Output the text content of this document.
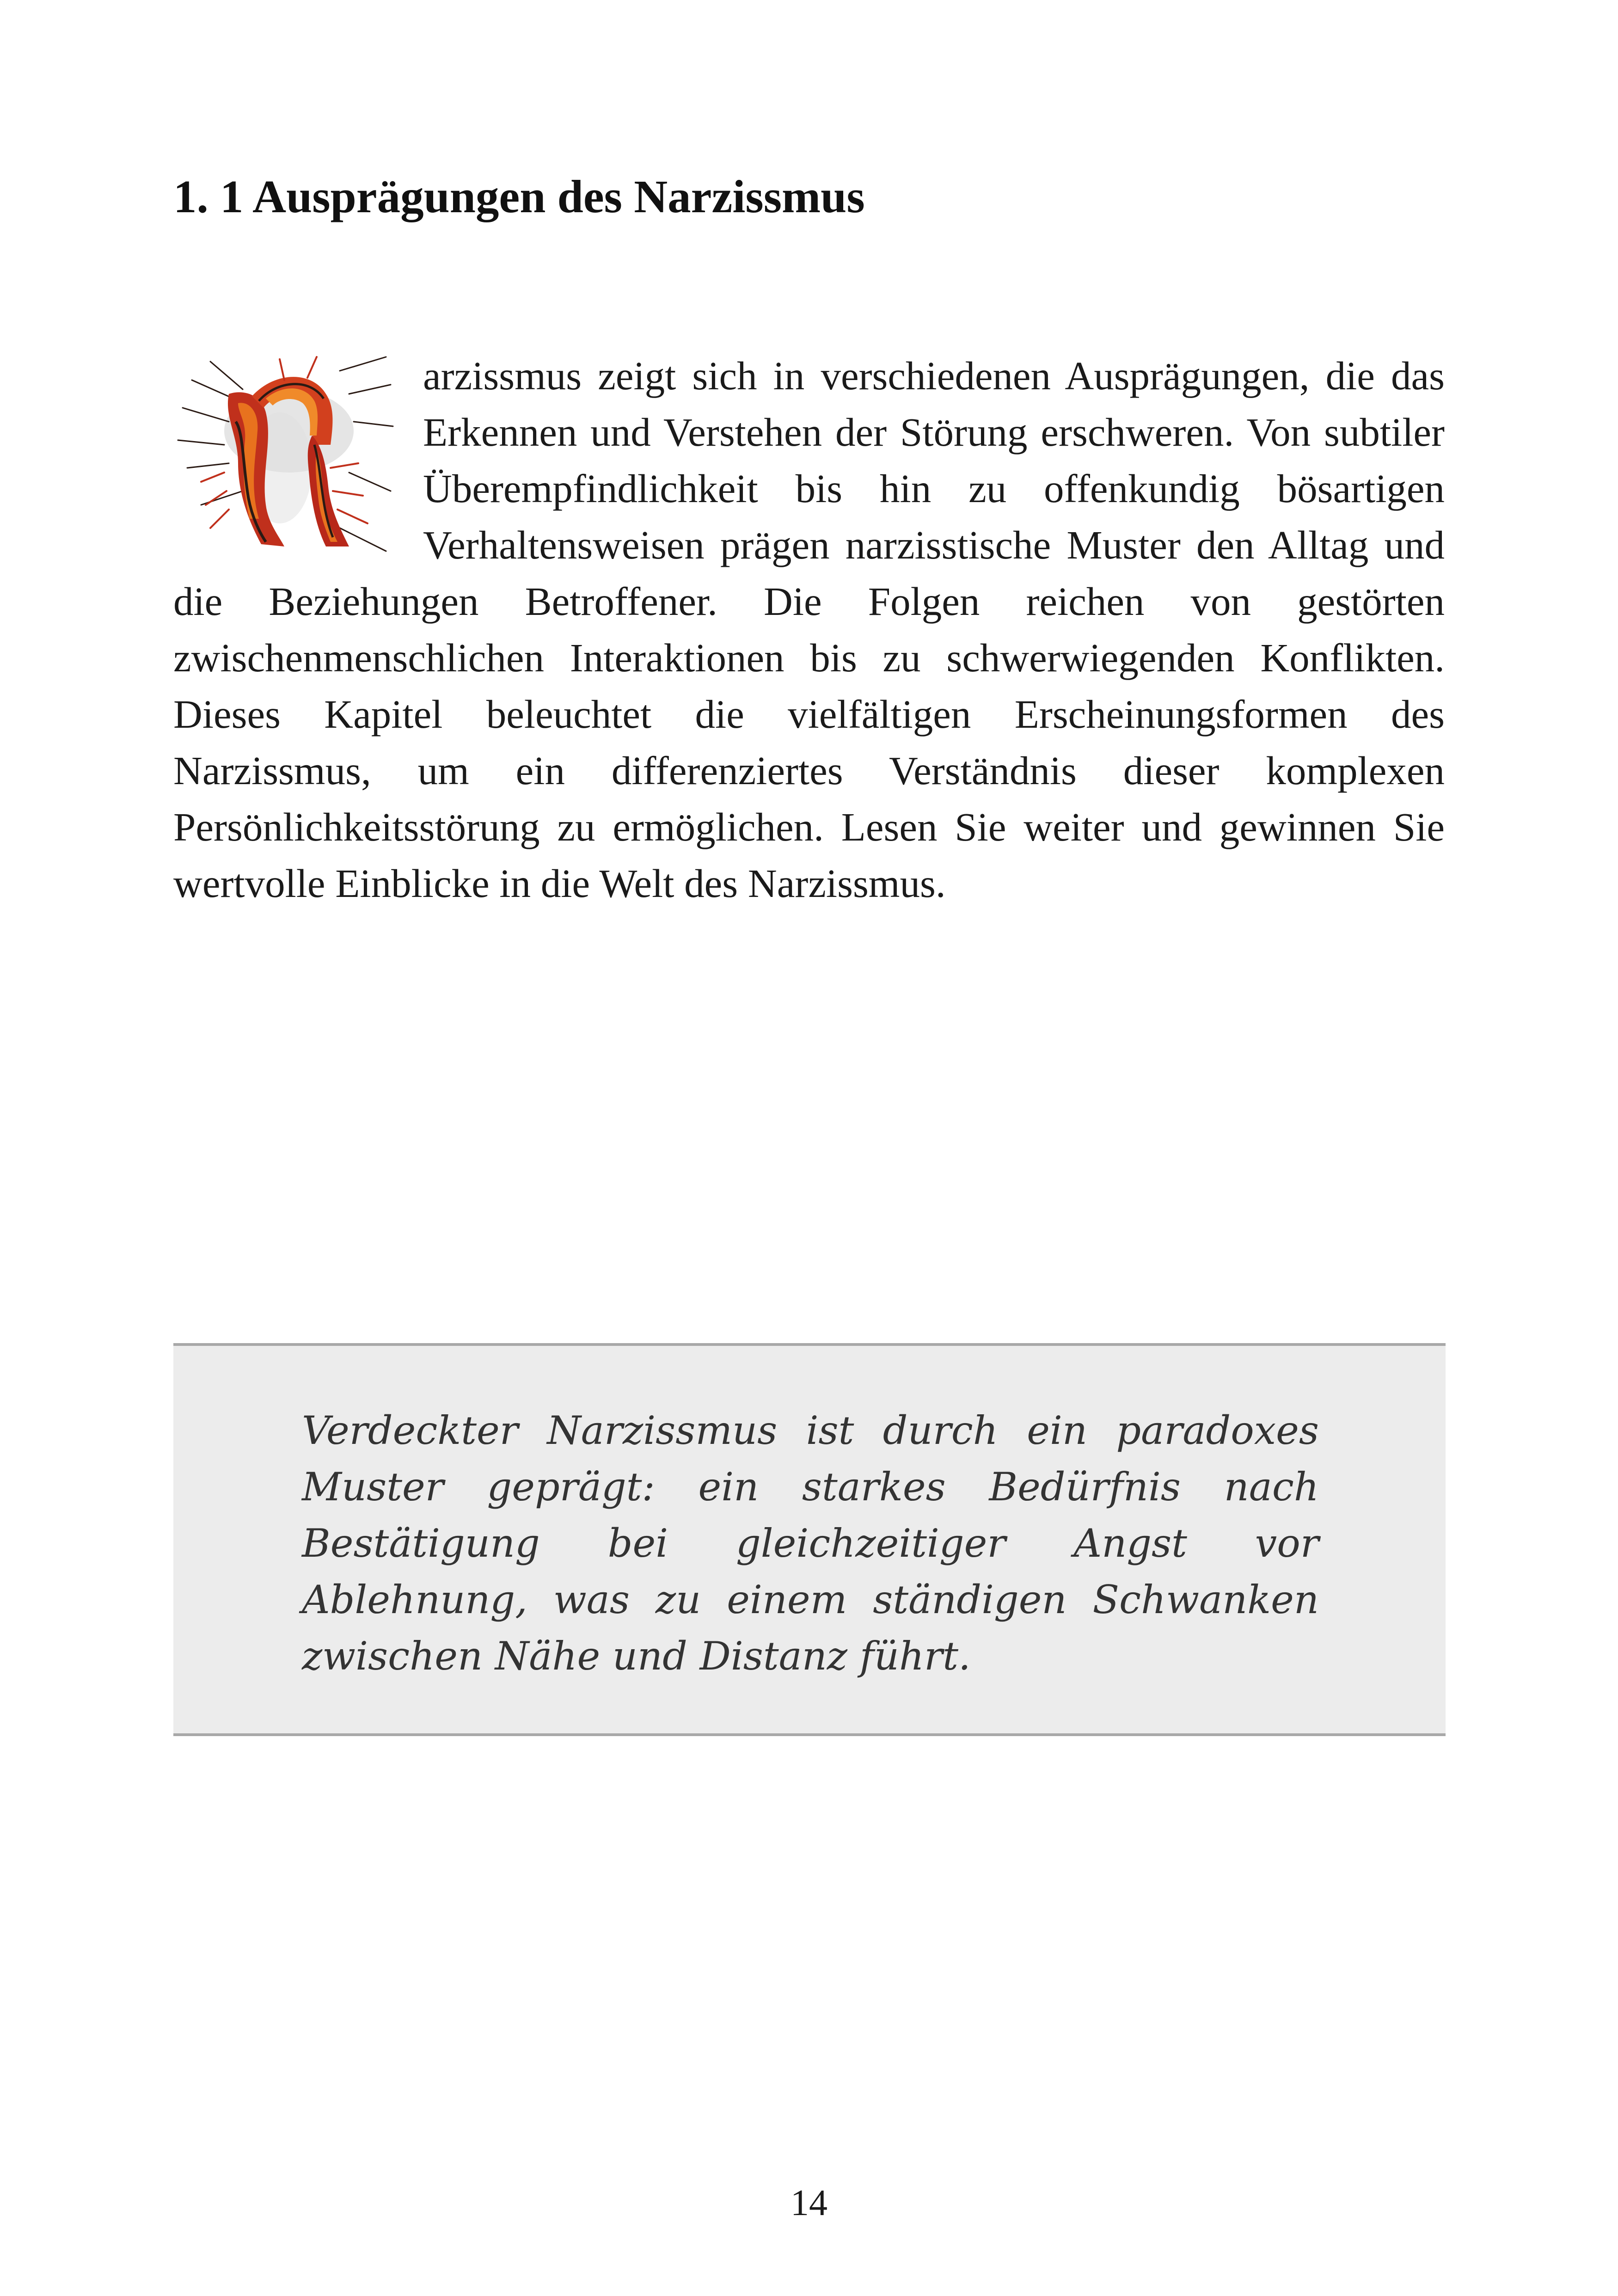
1. 1 Ausprägungen des Narzissmus

arzissmus zeigt sich in verschiedenen Ausprägungen, die das Erkennen und Verstehen der Störung erschweren. Von subtiler Überempfindlichkeit bis hin zu offenkundig bösartigen Verhaltensweisen prägen narzisstische Muster den Alltag und die Beziehungen Betroffener. Die Folgen reichen von gestörten zwischenmenschlichen Interaktionen bis zu schwerwiegenden Konflikten. Dieses Kapitel beleuchtet die vielfältigen Erscheinungsformen des Narzissmus, um ein differenziertes Verständnis dieser komplexen Persönlichkeitsstörung zu ermöglichen. Lesen Sie weiter und gewinnen Sie wertvolle Einblicke in die Welt des Narzissmus.

Verdeckter Narzissmus ist durch ein paradoxes Muster geprägt: ein starkes Bedürfnis nach Bestätigung bei gleichzeitiger Angst vor Ablehnung, was zu einem ständigen Schwanken zwischen Nähe und Distanz führt.

14
